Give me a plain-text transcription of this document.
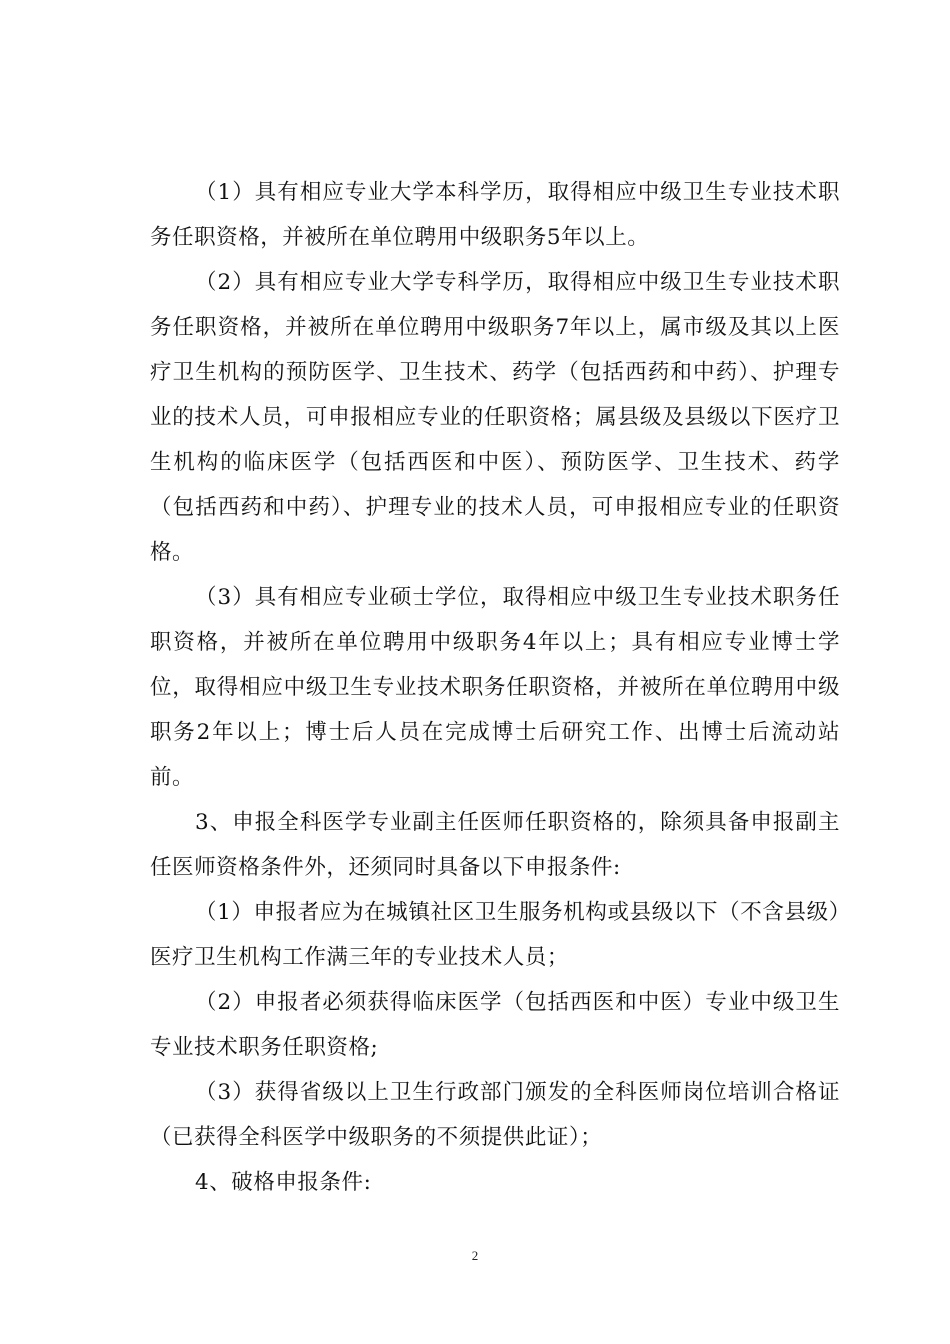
（1）具有相应专业大学本科学历，取得相应中级卫生专业技术职务任职资格，并被所在单位聘用中级职务5年以上。

（2）具有相应专业大学专科学历，取得相应中级卫生专业技术职务任职资格，并被所在单位聘用中级职务7年以上，属市级及其以上医疗卫生机构的预防医学、卫生技术、药学（包括西药和中药）、护理专业的技术人员，可申报相应专业的任职资格；属县级及县级以下医疗卫生机构的临床医学（包括西医和中医）、预防医学、卫生技术、药学（包括西药和中药）、护理专业的技术人员，可申报相应专业的任职资格。

（3）具有相应专业硕士学位，取得相应中级卫生专业技术职务任职资格，并被所在单位聘用中级职务4年以上；具有相应专业博士学位，取得相应中级卫生专业技术职务任职资格，并被所在单位聘用中级职务2年以上；博士后人员在完成博士后研究工作、出博士后流动站前。

3、申报全科医学专业副主任医师任职资格的，除须具备申报副主任医师资格条件外，还须同时具备以下申报条件:

（1）申报者应为在城镇社区卫生服务机构或县级以下（不含县级）医疗卫生机构工作满三年的专业技术人员；

（2）申报者必须获得临床医学（包括西医和中医）专业中级卫生专业技术职务任职资格;

（3）获得省级以上卫生行政部门颁发的全科医师岗位培训合格证（已获得全科医学中级职务的不须提供此证）；

4、破格申报条件:

2
